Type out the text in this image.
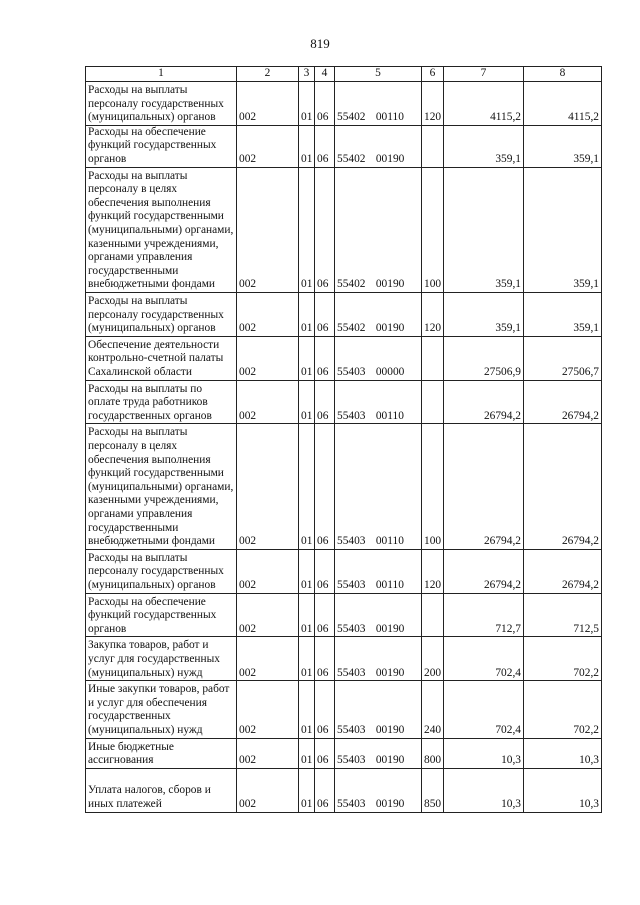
819
1	2	3	4	5	6	7	8
Расходы на выплаты персоналу государственных (муниципальных) органов	002	01	06	55402 00110	120	4115,2	4115,2
Расходы на обеспечение функций государственных органов	002	01	06	55402 00190		359,1	359,1
Расходы на выплаты персоналу в целях обеспечения выполнения функций государственными (муниципальными) органами, казенными учреждениями, органами управления государственными внебюджетными фондами	002	01	06	55402 00190	100	359,1	359,1
Расходы на выплаты персоналу государственных (муниципальных) органов	002	01	06	55402 00190	120	359,1	359,1
Обеспечение деятельности контрольно-счетной палаты Сахалинской области	002	01	06	55403 00000		27506,9	27506,7
Расходы на выплаты по оплате труда работников государственных органов	002	01	06	55403 00110		26794,2	26794,2
Расходы на выплаты персоналу в целях обеспечения выполнения функций государственными (муниципальными) органами, казенными учреждениями, органами управления государственными внебюджетными фондами	002	01	06	55403 00110	100	26794,2	26794,2
Расходы на выплаты персоналу государственных (муниципальных) органов	002	01	06	55403 00110	120	26794,2	26794,2
Расходы на обеспечение функций государственных органов	002	01	06	55403 00190		712,7	712,5
Закупка товаров, работ и услуг для государственных (муниципальных) нужд	002	01	06	55403 00190	200	702,4	702,2
Иные закупки товаров, работ и услуг для обеспечения государственных (муниципальных) нужд	002	01	06	55403 00190	240	702,4	702,2
Иные бюджетные ассигнования	002	01	06	55403 00190	800	10,3	10,3
Уплата налогов, сборов и иных платежей	002	01	06	55403 00190	850	10,3	10,3
